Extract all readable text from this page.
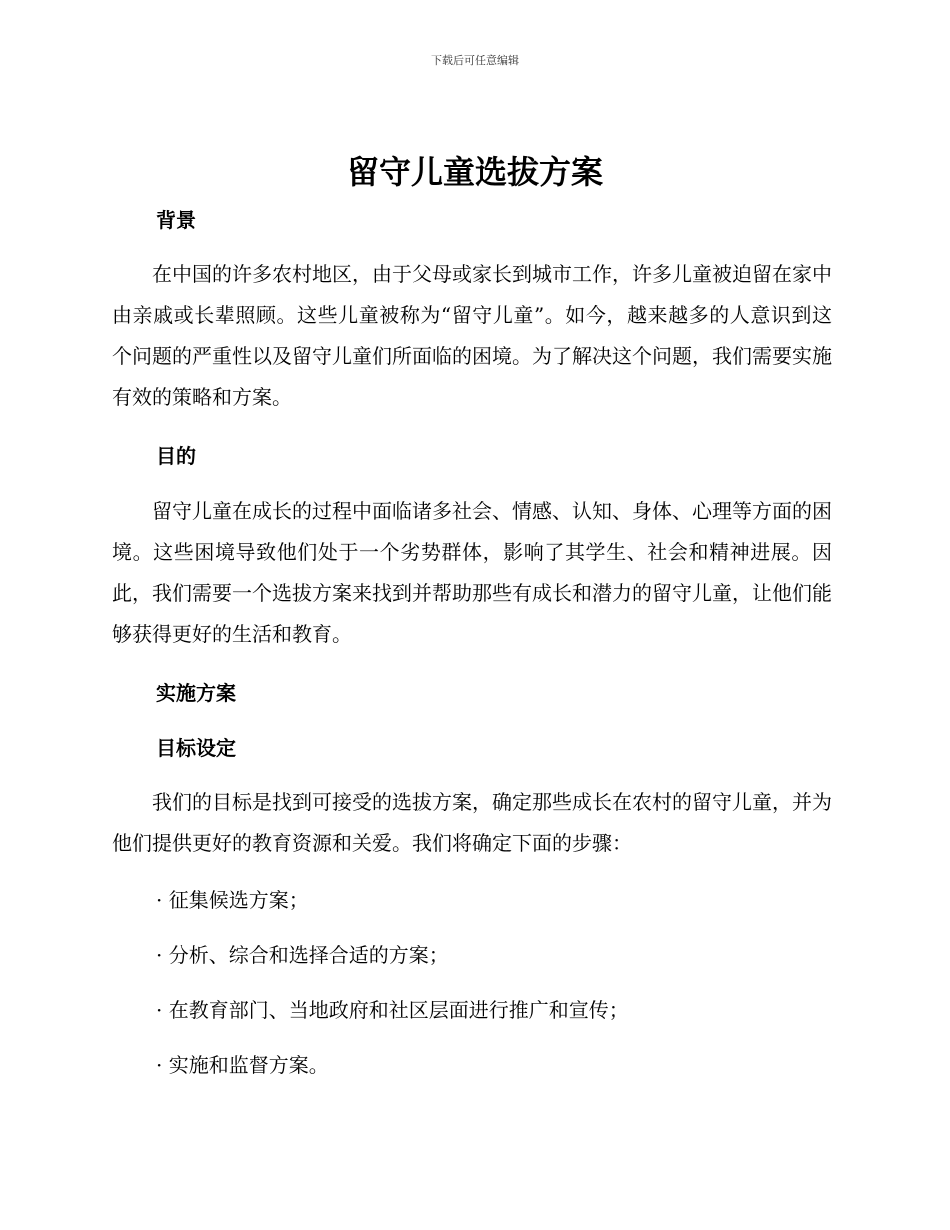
下载后可任意编辑
留守儿童选拔方案
背景

在中国的许多农村地区，由于父母或家长到城市工作，许多儿童被迫留在家中由亲戚或长辈照顾。这些儿童被称为“留守儿童”。如今，越来越多的人意识到这个问题的严重性以及留守儿童们所面临的困境。为了解决这个问题，我们需要实施有效的策略和方案。

目的

留守儿童在成长的过程中面临诸多社会、情感、认知、身体、心理等方面的困境。这些困境导致他们处于一个劣势群体，影响了其学生、社会和精神进展。因此，我们需要一个选拔方案来找到并帮助那些有成长和潜力的留守儿童，让他们能够获得更好的生活和教育。

实施方案
目标设定

我们的目标是找到可接受的选拔方案，确定那些成长在农村的留守儿童，并为他们提供更好的教育资源和关爱。我们将确定下面的步骤：

· 征集候选方案；

· 分析、综合和选择合适的方案；

· 在教育部门、当地政府和社区层面进行推广和宣传；

· 实施和监督方案。
